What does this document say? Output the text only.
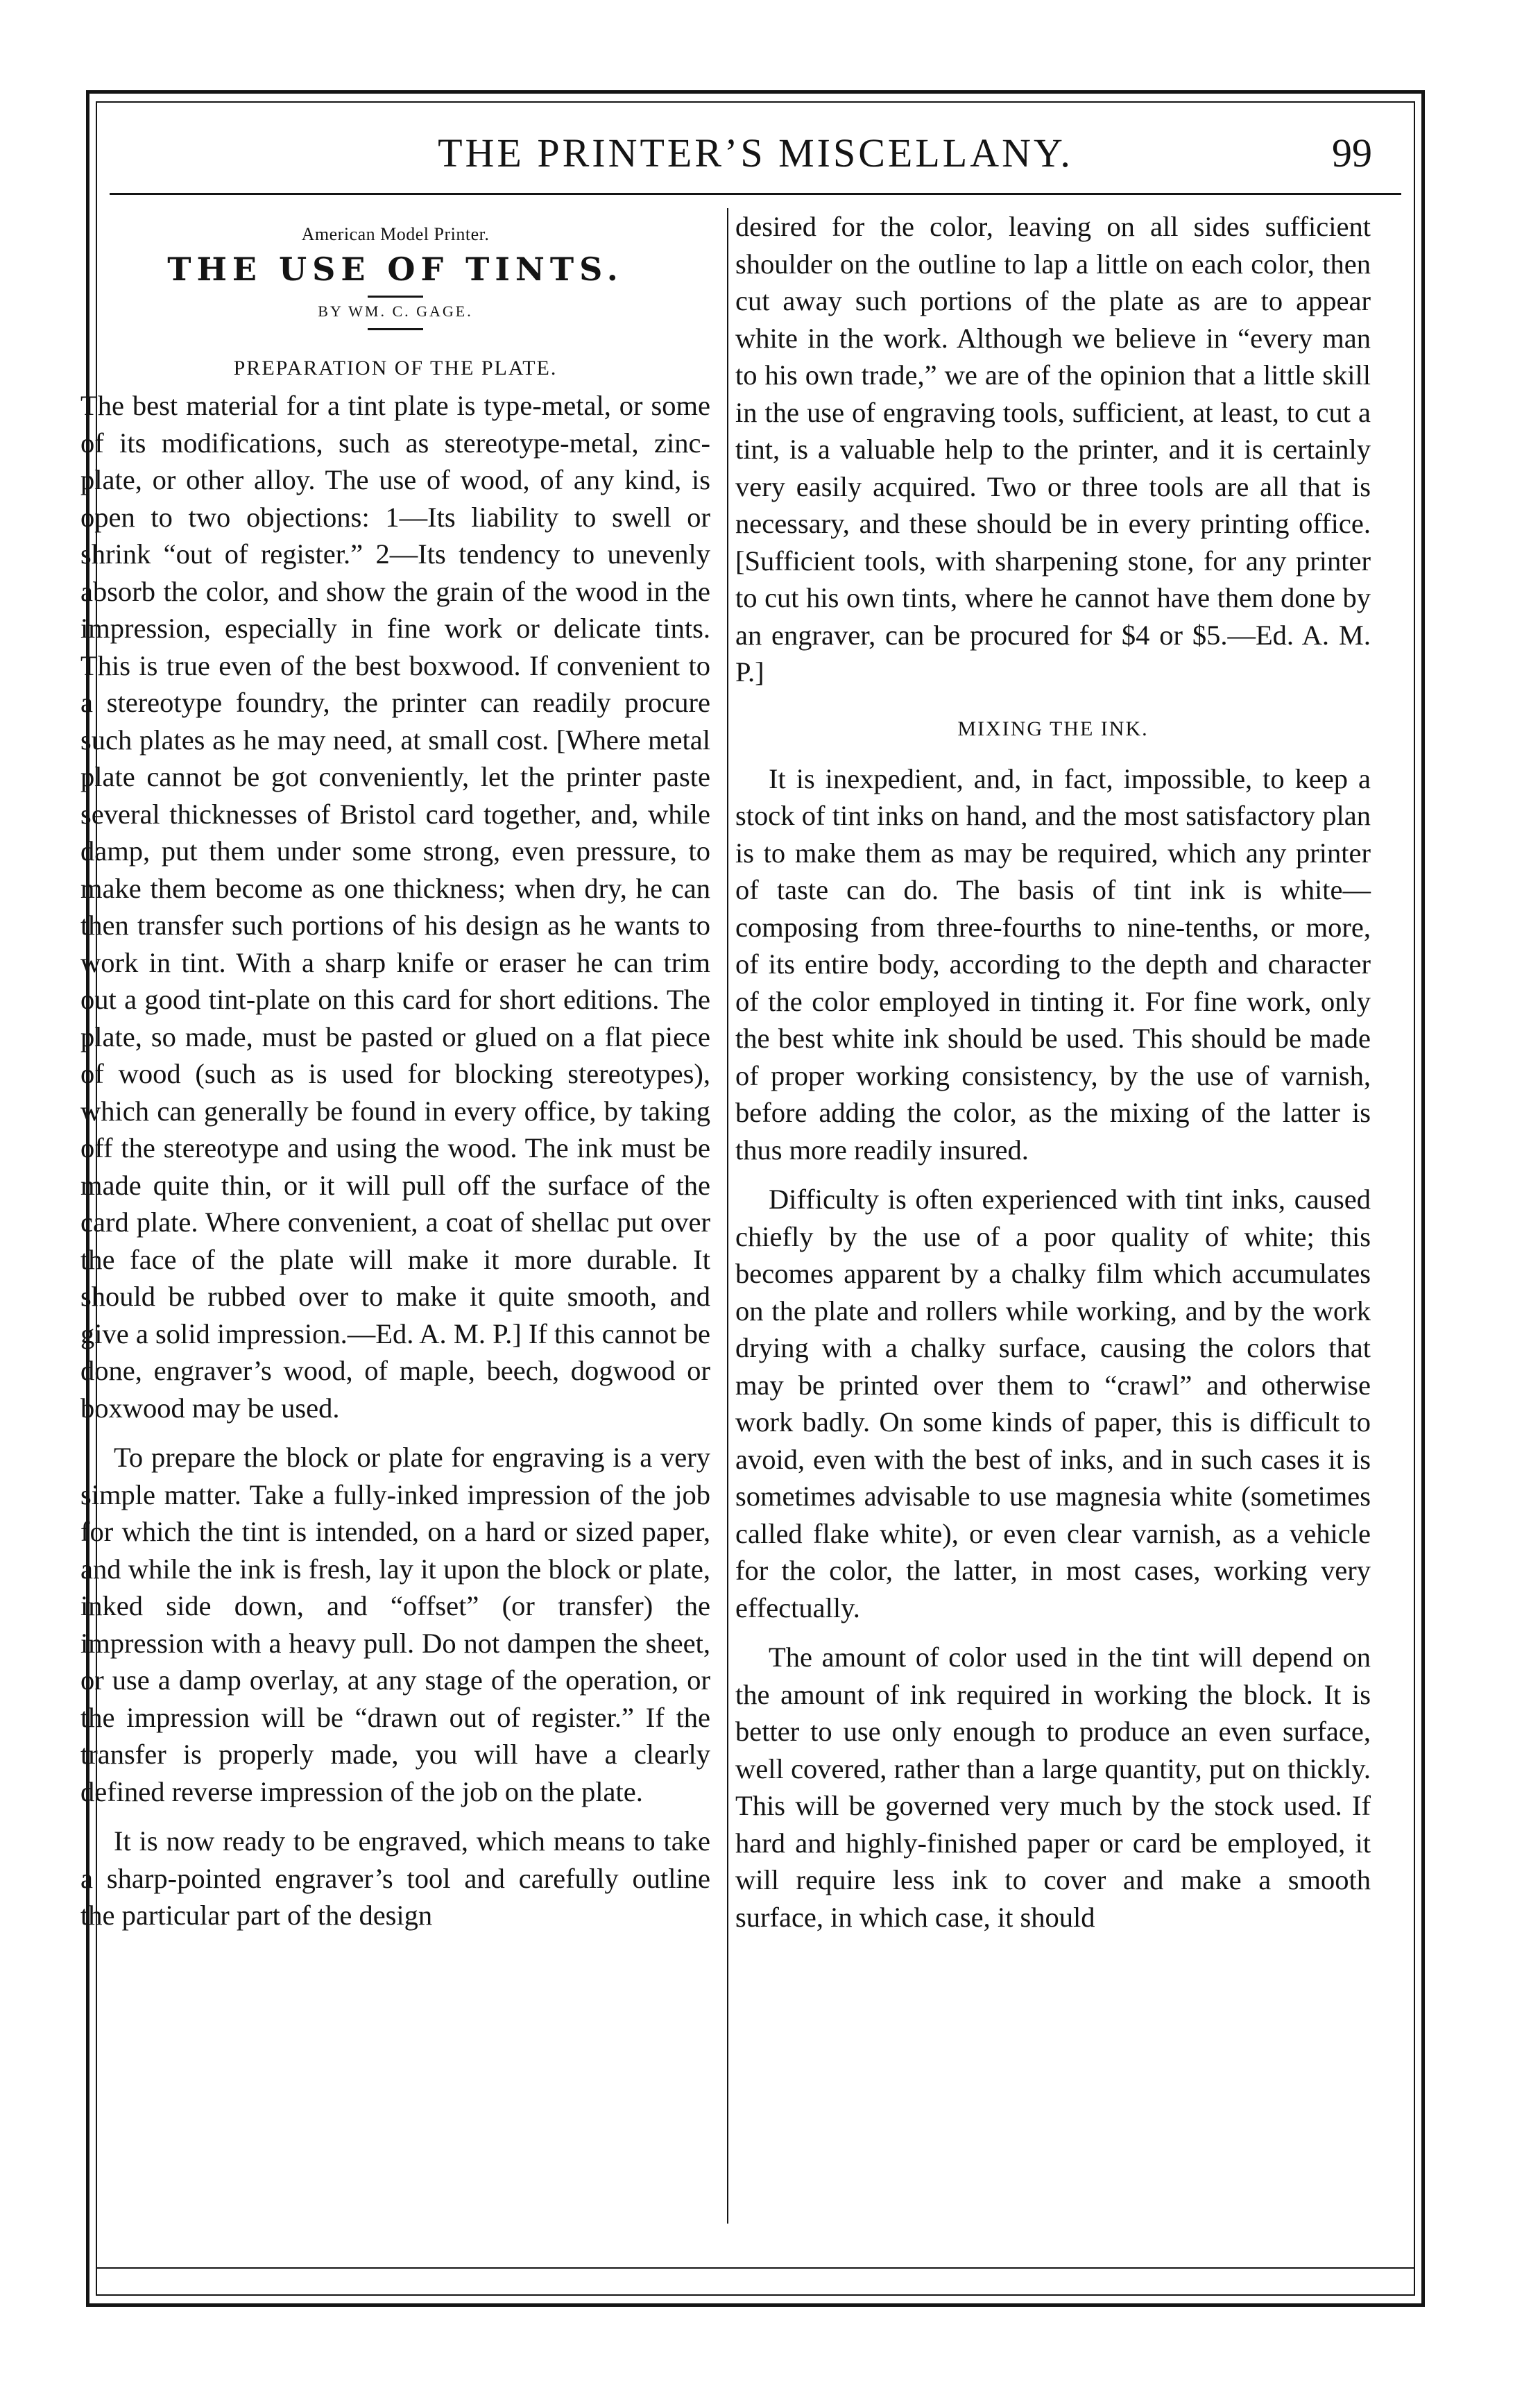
THE PRINTER’S MISCELLANY.	99
American Model Printer.
THE USE OF TINTS.
BY WM. C. GAGE.
PREPARATION OF THE PLATE.

The best material for a tint plate is type-metal, or some of its modifications, such as stereotype-metal, zinc-plate, or other alloy. The use of wood, of any kind, is open to two objections: 1—Its liability to swell or shrink “out of register.” 2—Its tendency to unevenly absorb the color, and show the grain of the wood in the impression, especially in fine work or delicate tints. This is true even of the best boxwood. If convenient to a stereotype foundry, the printer can readily procure such plates as he may need, at small cost. [Where metal plate cannot be got conveniently, let the printer paste several thicknesses of Bristol card together, and, while damp, put them under some strong, even pressure, to make them become as one thickness; when dry, he can then transfer such portions of his design as he wants to work in tint. With a sharp knife or eraser he can trim out a good tint-plate on this card for short editions. The plate, so made, must be pasted or glued on a flat piece of wood (such as is used for blocking stereotypes), which can generally be found in every office, by taking off the stereotype and using the wood. The ink must be made quite thin, or it will pull off the surface of the card plate. Where convenient, a coat of shellac put over the face of the plate will make it more durable. It should be rubbed over to make it quite smooth, and give a solid impression.—Ed. A. M. P.] If this cannot be done, engraver’s wood, of maple, beech, dogwood or boxwood may be used.

To prepare the block or plate for engraving is a very simple matter. Take a fully-inked impression of the job for which the tint is intended, on a hard or sized paper, and while the ink is fresh, lay it upon the block or plate, inked side down, and “offset” (or transfer) the impression with a heavy pull. Do not dampen the sheet, or use a damp overlay, at any stage of the operation, or the impression will be “drawn out of register.” If the transfer is properly made, you will have a clearly defined reverse impression of the job on the plate.

It is now ready to be engraved, which means to take a sharp-pointed engraver’s tool and carefully outline the particular part of the design

desired for the color, leaving on all sides sufficient shoulder on the outline to lap a little on each color, then cut away such portions of the plate as are to appear white in the work. Although we believe in “every man to his own trade,” we are of the opinion that a little skill in the use of engraving tools, sufficient, at least, to cut a tint, is a valuable help to the printer, and it is certainly very easily acquired. Two or three tools are all that is necessary, and these should be in every printing office. [Sufficient tools, with sharpening stone, for any printer to cut his own tints, where he cannot have them done by an engraver, can be procured for $4 or $5.—Ed. A. M. P.]

MIXING THE INK.

It is inexpedient, and, in fact, impossible, to keep a stock of tint inks on hand, and the most satisfactory plan is to make them as may be required, which any printer of taste can do. The basis of tint ink is white—composing from three-fourths to nine-tenths, or more, of its entire body, according to the depth and character of the color employed in tinting it. For fine work, only the best white ink should be used. This should be made of proper working consistency, by the use of varnish, before adding the color, as the mixing of the latter is thus more readily insured.

Difficulty is often experienced with tint inks, caused chiefly by the use of a poor quality of white; this becomes apparent by a chalky film which accumulates on the plate and rollers while working, and by the work drying with a chalky surface, causing the colors that may be printed over them to “crawl” and otherwise work badly. On some kinds of paper, this is difficult to avoid, even with the best of inks, and in such cases it is sometimes advisable to use magnesia white (sometimes called flake white), or even clear varnish, as a vehicle for the color, the latter, in most cases, working very effectually.

The amount of color used in the tint will depend on the amount of ink required in working the block. It is better to use only enough to produce an even surface, well covered, rather than a large quantity, put on thickly. This will be governed very much by the stock used. If hard and highly-finished paper or card be employed, it will require less ink to cover and make a smooth surface, in which case, it should
